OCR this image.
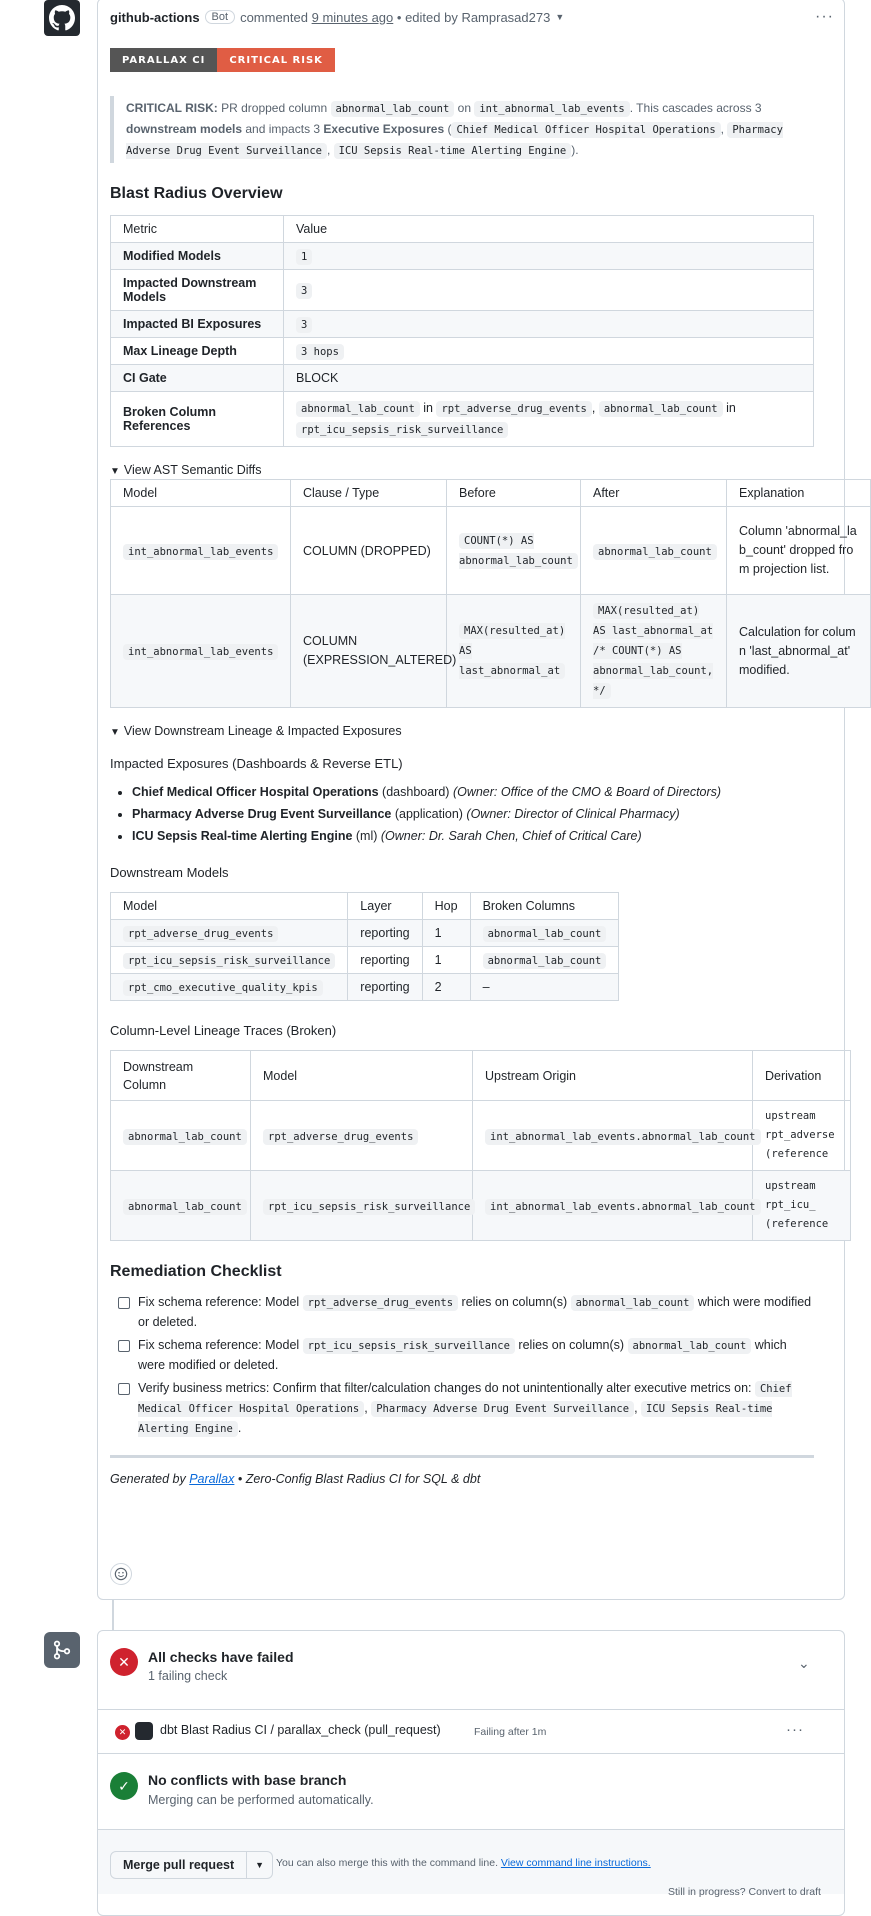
github-actions	Bot commented
9 minutes ago
• edited by Ramprasad273 ▼	···
PARALLAX CI	CRITICAL RISK
CRITICAL RISK: PR dropped column abnormal_lab_count on int_abnormal_lab_events . This cascades across 3 downstream models and impacts 3 Executive Exposures ( Chief Medical Officer Hospital Operations , Pharmacy Adverse Drug Event Surveillance , ICU Sepsis Real-time Alerting Engine ).
Blast Radius Overview
Metric	Value
Modified Models	1
Impacted Downstream Models	3
Impacted BI Exposures	3
Max Lineage Depth	3 hops
CI Gate	BLOCK
Broken Column References	abnormal_lab_count in rpt_adverse_drug_events , abnormal_lab_count in rpt_icu_sepsis_risk_surveillance
▼ View AST Semantic Diffs
Model	Clause / Type	Before	After	Explanation
int_abnormal_lab_events	COLUMN (DROPPED)	COUNT(*) AS abnormal_lab_count	abnormal_lab_count	Column 'abnormal_lab_count' dropped from projection list.
int_abnormal_lab_events	COLUMN (EXPRESSION_ALTERED)	MAX(resulted_at) AS last_abnormal_at	MAX(resulted_at) AS last_abnormal_at /* COUNT(*) AS abnormal_lab_count, */	Calculation for column 'last_abnormal_at' modified.
▼ View Downstream Lineage & Impacted Exposures
Impacted Exposures (Dashboards & Reverse ETL)
• Chief Medical Officer Hospital Operations (dashboard) (Owner: Office of the CMO & Board of Directors)
• Pharmacy Adverse Drug Event Surveillance (application) (Owner: Director of Clinical Pharmacy)
• ICU Sepsis Real-time Alerting Engine (ml) (Owner: Dr. Sarah Chen, Chief of Critical Care)
Downstream Models
Model	Layer	Hop	Broken Columns
rpt_adverse_drug_events	reporting	1	abnormal_lab_count
rpt_icu_sepsis_risk_surveillance	reporting	1	abnormal_lab_count
rpt_cmo_executive_quality_kpis	reporting	2	–
Column-Level Lineage Traces (Broken)
Downstream Column	Model	Upstream Origin	Derivation
abnormal_lab_count	rpt_adverse_drug_events	int_abnormal_lab_events.abnormal_lab_count	upstream
rpt_adverse
(reference

abnormal_lab_count	rpt_icu_sepsis_risk_surveillance	int_abnormal_lab_events.abnormal_lab_count	upstream
rpt_icu_
(reference
Remediation Checklist
Fix schema reference: Model rpt_adverse_drug_events relies on column(s) abnormal_lab_count which were modified or deleted.
Fix schema reference: Model rpt_icu_sepsis_risk_surveillance relies on column(s) abnormal_lab_count which were modified or deleted.
Verify business metrics: Confirm that filter/calculation changes do not unintentionally alter executive metrics on: Chief Medical Officer Hospital Operations , Pharmacy Adverse Drug Event Surveillance , ICU Sepsis Real-time Alerting Engine .
Generated by Parallax • Zero-Config Blast Radius CI for SQL & dbt
✕	All checks have failed
1 failing check
⌄
✕	dbt Blast Radius CI / parallax_check (pull_request)	Failing after 1m	···
✓	No conflicts with base branch
Merging can be performed automatically.
Merge pull request	▼	You can also merge this with the command line. View command line instructions.
Still in progress? Convert to draft
